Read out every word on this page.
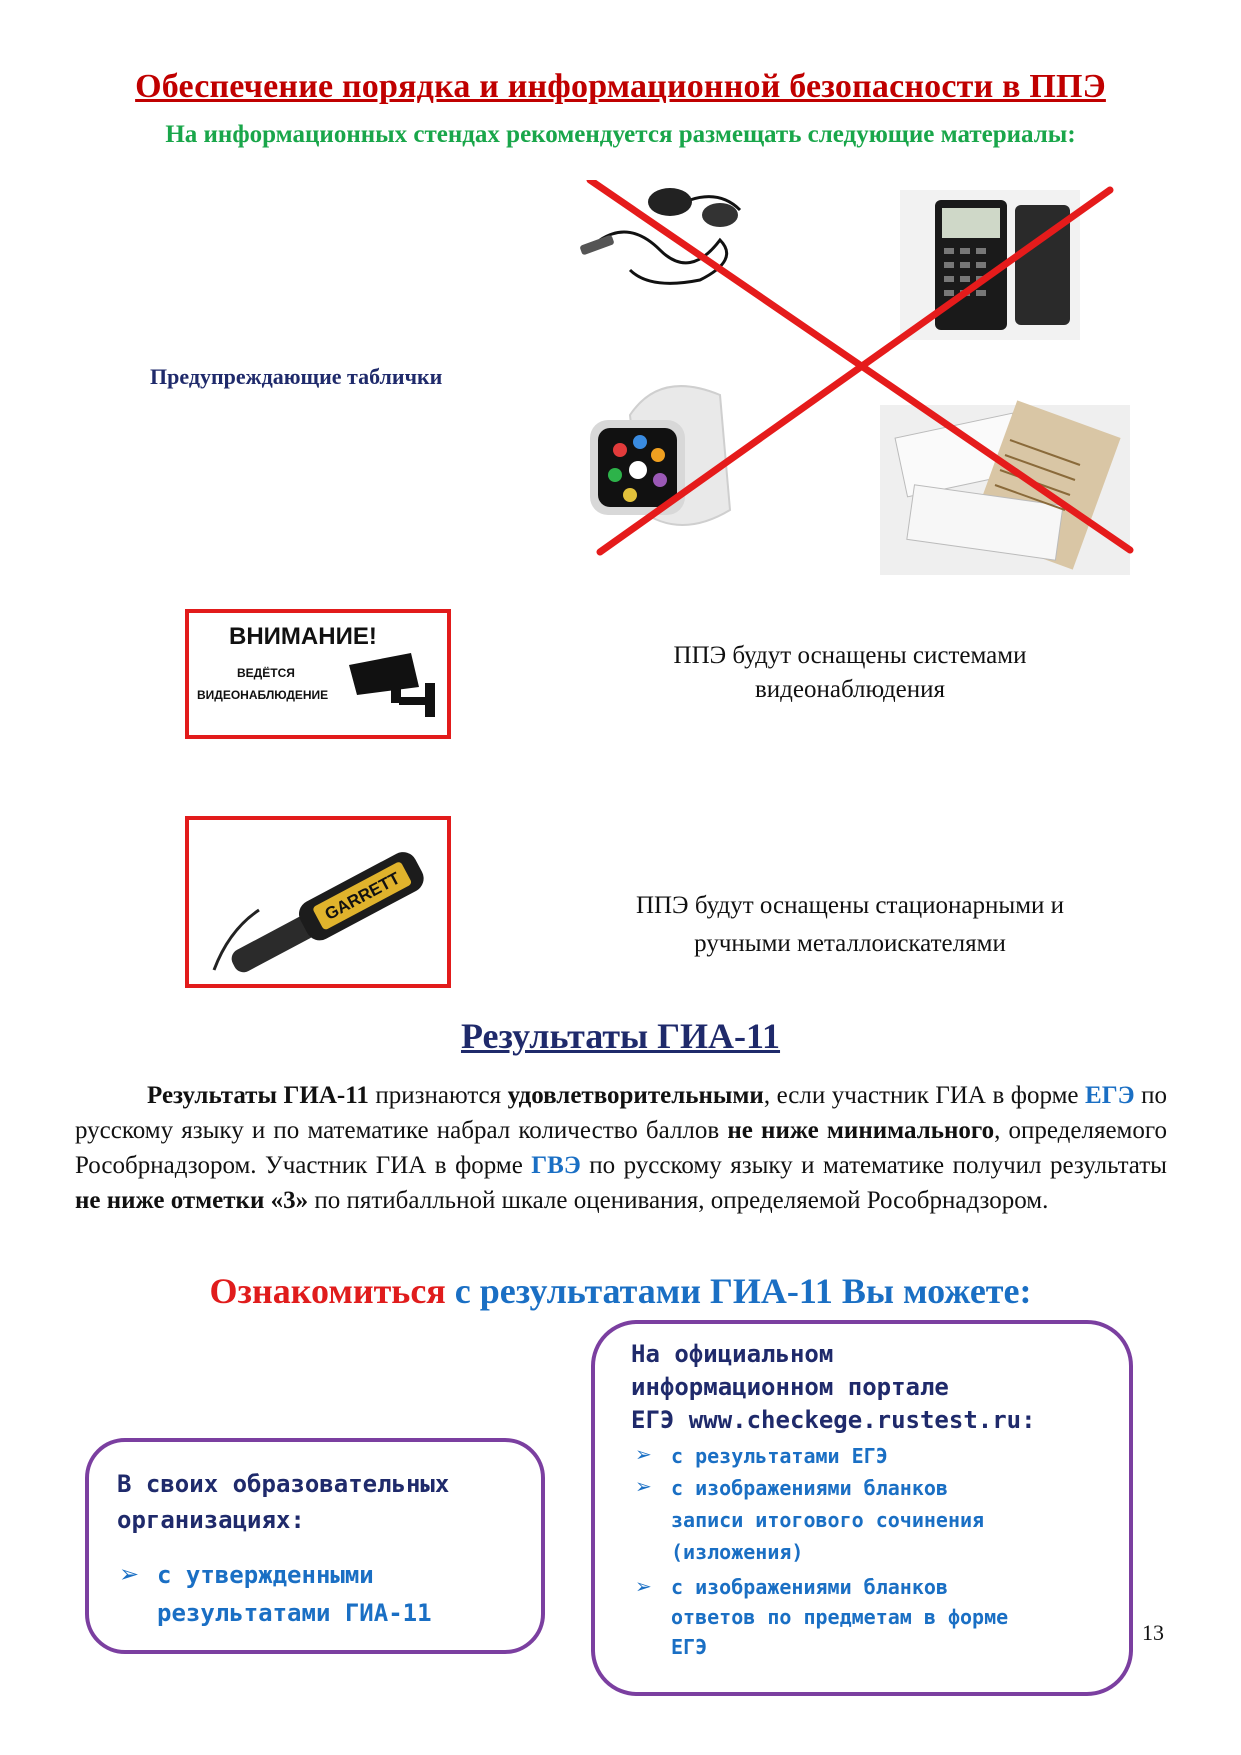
Обеспечение порядка и информационной безопасности в ППЭ
На информационных стендах рекомендуется размещать следующие материалы:
Предупреждающие таблички
ВНИМАНИЕ!
ВЕДЁТСЯ
ВИДЕОНАБЛЮДЕНИЕ
ППЭ будут оснащены системами
видеонаблюдения
GARRETT	ППЭ будут оснащены стационарными и
ручными металлоискателями
Результаты ГИА-11

Результаты ГИА-11 признаются удовлетворительными, если участник ГИА в форме ЕГЭ по русскому языку и по математике набрал количество баллов не ниже минимального, определяемого Рособрнадзором. Участник ГИА в форме ГВЭ по русскому языку и математике получил результаты не ниже отметки «3» по пятибалльной шкале оценивания, определяемой Рособрнадзором.

Ознакомиться с результатами ГИА-11 Вы можете:
В своих образовательных
организациях:
➢ с утвержденными
результатами ГИА-11
На официальном
информационном портале
ЕГЭ www.checkege.rustest.ru:
➢ с результатами ЕГЭ
➢ с изображениями бланков
записи итогового сочинения
(изложения)
➢ с изображениями бланков
ответов по предметам в форме
ЕГЭ
13
